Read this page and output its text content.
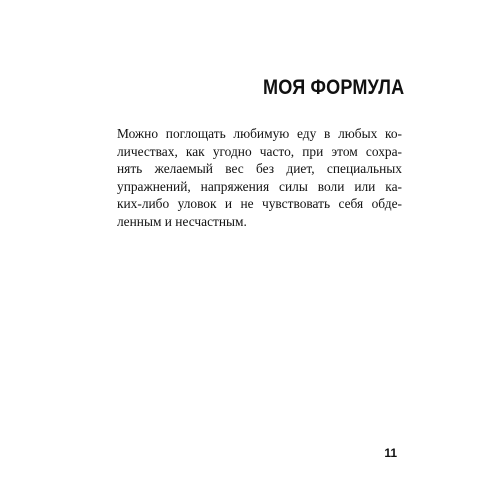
МОЯ ФОРМУЛА
Можно поглощать любимую еду в любых ко-
личествах, как угодно часто, при этом сохра-
нять желаемый вес без диет, специальных
упражнений, напряжения силы воли или ка-
ких-либо уловок и не чувствовать себя обде-
ленным и несчастным.
11
